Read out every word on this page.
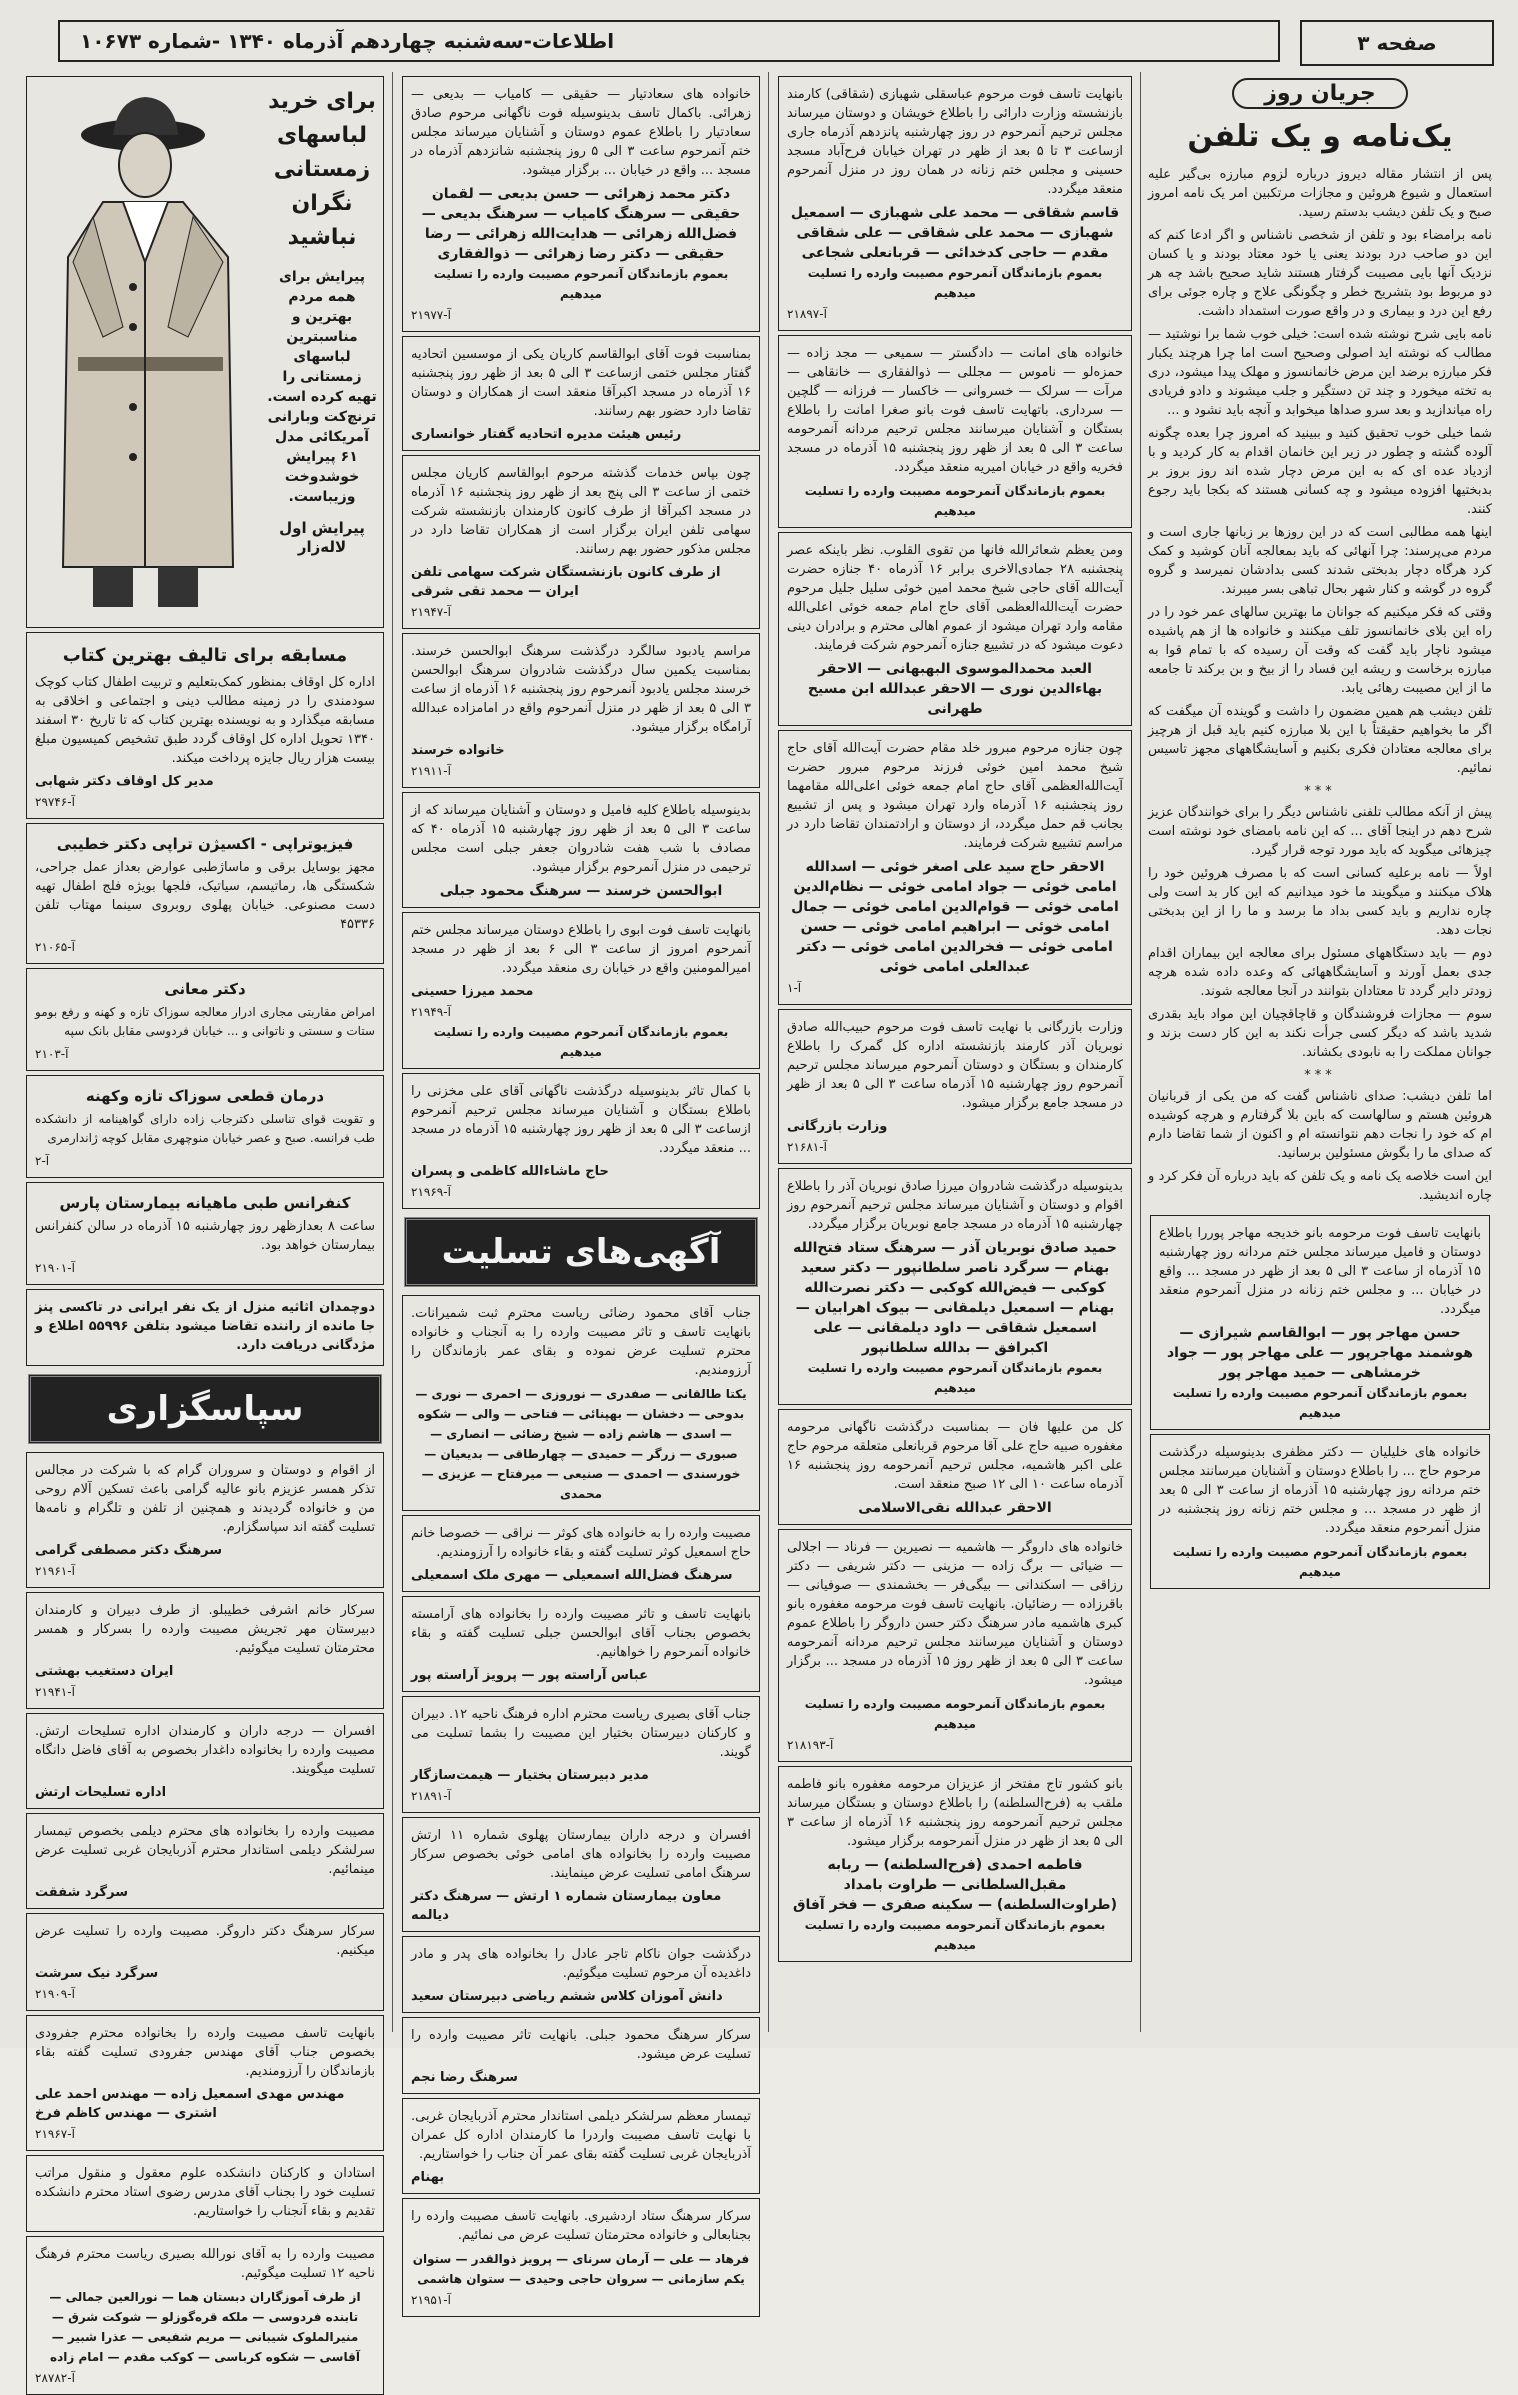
صفحه ۳
اطلاعات-سه‌شنبه چهاردهم آذرماه ۱۳۴۰ -شماره ۱۰۶۷۳
جریان روز
یک‌نامه و یک تلفن

پس از انتشار مقاله دیروز درباره لزوم مبارزه بی‌گیر علیه استعمال و شیوع هروئین و مجازات مرتکبین امر یک نامه امروز صبح و یک تلفن دیشب بدستم رسید.

نامه برامضاء بود و تلفن از شخصی ناشناس و اگر ادعا کنم که این دو صاحب درد بودند یعنی یا خود معتاد بودند و یا کسان نزدیک آنها بایی مصیبت گرفتار هستند شاید صحیح باشد چه هر دو مربوط بود بتشریح خطر و چگونگی علاج و چاره جوئی برای رفع این درد و بیماری و در واقع صورت استمداد داشت.

نامه بایی شرح نوشته شده است: خیلی خوب شما برا نوشتید — مطالب که نوشته اید اصولی وصحیح است اما چرا هرچند یکبار فکر مبارزه برضد این مرض خانمانسوز و مهلک پیدا میشود، دری به تخته میخورد و چند تن دستگیر و جلب میشوند و دادو فریادی راه میاندازید و بعد سرو صداها میخوابد و آنچه باید نشود و ...

شما خیلی خوب تحقیق کنید و ببینید که امروز چرا بعده چگونه آلوده گشته و چطور در زیر این خانمان اقدام به کار کردید و با ازدیاد عده ای که به این مرض دچار شده اند روز بروز بر بدبختیها افزوده میشود و چه کسانی هستند که بکجا باید رجوع کنند.

اینها همه مطالبی است که در این روزها بر زبانها جاری است و مردم می‌پرسند: چرا آنهائی که باید بمعالجه آنان کوشید و کمک کرد هرگاه دچار بدبختی شدند کسی بدادشان نمیرسد و گروه گروه در گوشه و کنار شهر بحال تباهی بسر میبرند.

وقتی که فکر میکنیم که جوانان ما بهترین سالهای عمر خود را در راه این بلای خانمانسوز تلف میکنند و خانواده ها از هم پاشیده میشود ناچار باید گفت که وقت آن رسیده که با تمام قوا به مبارزه برخاست و ریشه این فساد را از بیخ و بن برکند تا جامعه ما از این مصیبت رهائی یابد.

تلفن دیشب هم همین مضمون را داشت و گوینده آن میگفت که اگر ما بخواهیم حقیقتاً با این بلا مبارزه کنیم باید قبل از هرچیز برای معالجه معتادان فکری بکنیم و آسایشگاههای مجهز تاسیس نمائیم.

***

پیش از آنکه مطالب تلفنی ناشناس دیگر را برای خوانندگان عزیز شرح دهم در اینجا آقای ... که این نامه بامضای خود نوشته است چیزهائی میگوید که باید مورد توجه قرار گیرد.

اولاً — نامه برعلیه کسانی است که با مصرف هروئین خود را هلاک میکنند و میگویند ما خود میدانیم که این کار بد است ولی چاره نداریم و باید کسی بداد ما برسد و ما را از این بدبختی نجات دهد.

دوم — باید دستگاههای مسئول برای معالجه این بیماران اقدام جدی بعمل آورند و آسایشگاههائی که وعده داده شده هرچه زودتر دایر گردد تا معتادان بتوانند در آنجا معالجه شوند.

سوم — مجازات فروشندگان و قاچاقچیان این مواد باید بقدری شدید باشد که دیگر کسی جرأت نکند به این کار دست بزند و جوانان مملکت را به نابودی بکشاند.

***

اما تلفن دیشب: صدای ناشناس گفت که من یکی از قربانیان هروئین هستم و سالهاست که باین بلا گرفتارم و هرچه کوشیده ام که خود را نجات دهم نتوانسته ام و اکنون از شما تقاضا دارم که صدای ما را بگوش مسئولین برسانید.

این است خلاصه یک نامه و یک تلفن که باید درباره آن فکر کرد و چاره اندیشید.

بانهایت تاسف فوت مرحومه بانو خدیجه مهاجر پوررا باطلاع دوستان و فامیل میرساند مجلس ختم مردانه روز چهارشنبه ۱۵ آذرماه از ساعت ۳ الی ۵ بعد از ظهر در مسجد ... واقع در خیابان ... و مجلس ختم زنانه در منزل آنمرحوم منعقد میگردد.

حسن مهاجر پور — ابوالقاسم شیرازی — هوشمند مهاجرپور — علی مهاجر پور — جواد خرمشاهی — حمید مهاجر پور
بعموم بازماندگان آنمرحوم مصیبت وارده را تسلیت میدهیم

خانواده های خلیلیان — دکتر مظفری بدینوسیله درگذشت مرحوم حاج ... را باطلاع دوستان و آشنایان میرسانند مجلس ختم مردانه روز چهارشنبه ۱۵ آذرماه از ساعت ۳ الی ۵ بعد از ظهر در مسجد ... و مجلس ختم زنانه روز پنجشنبه در منزل آنمرحوم منعقد میگردد.

بعموم بازماندگان آنمرحوم مصیبت وارده را تسلیت میدهیم

بانهایت تاسف فوت مرحوم عباسقلی شهبازی (شقاقی) کارمند بازنشسته وزارت دارائی را باطلاع خویشان و دوستان میرساند مجلس ترحیم آنمرحوم در روز چهارشنبه پانزدهم آذرماه جاری ازساعت ۳ تا ۵ بعد از ظهر در تهران خیابان فرح‌آباد مسجد حسینی و مجلس ختم زنانه در همان روز در منزل آنمرحوم منعقد میگردد.

قاسم شقاقی — محمد علی شهبازی — اسمعیل شهبازی — محمد علی شقاقی — علی شقاقی مقدم — حاجی کدخدائی — قربانعلی شجاعی
بعموم بازماندگان آنمرحوم مصیبت وارده را تسلیت میدهیم
آ-۲۱۸۹۷

خانواده های امانت — دادگستر — سمیعی — مجد زاده — حمزه‌لو — ناموس — مجللی — ذوالفقاری — خانقاهی — مرآت — سرلک — خسروانی — خاکسار — فرزانه — گلچین — سرداری. باتهایت تاسف فوت بانو صغرا امانت را باطلاع بستگان و آشنایان میرسانند مجلس ترحیم مردانه آنمرحومه ساعت ۳ الی ۵ بعد از ظهر روز پنجشنبه ۱۵ آذرماه در مسجد فخریه واقع در خیابان امیریه منعقد میگردد.

بعموم بازماندگان آنمرحومه مصیبت وارده را تسلیت میدهیم

ومن یعظم شعائرالله فانها من تقوی القلوب. نظر باینکه عصر پنجشنبه ۲۸ جمادی‌الاخری برابر ۱۶ آذرماه ۴۰ جنازه حضرت آیت‌الله آقای حاجی شیخ محمد امین خوئی سلیل جلیل مرحوم حضرت آیت‌الله‌العظمی آقای حاج امام جمعه خوئی اعلی‌الله مقامه وارد تهران میشود از عموم اهالی محترم و برادران دینی دعوت میشود که در تشییع جنازه آنمرحوم شرکت فرمایند.

العبد محمدالموسوی البهبهانی — الاحقر بهاءالدین نوری — الاحقر عبدالله ابن مسیح طهرانی

چون جنازه مرحوم مبرور خلد مقام حضرت آیت‌الله آقای حاج شیخ محمد امین خوئی فرزند مرحوم مبرور حضرت آیت‌الله‌العظمی آقای حاج امام جمعه خوئی اعلی‌الله مقامهما روز پنجشنبه ۱۶ آذرماه وارد تهران میشود و پس از تشییع بجانب قم حمل میگردد، از دوستان و ارادتمندان تقاضا دارد در مراسم تشییع شرکت فرمایند.

الاحقر حاج سید علی اصغر خوئی — اسدالله امامی خوئی — جواد امامی خوئی — نظام‌الدین امامی خوئی — قوام‌الدین امامی خوئی — جمال امامی خوئی — ابراهیم امامی خوئی — حسن امامی خوئی — فخرالدین امامی خوئی — دکتر عبدالعلی امامی خوئی
آ-۱

وزارت بازرگانی با نهایت تاسف فوت مرحوم حبیب‌الله صادق نوبریان آذر کارمند بازنشسته اداره کل گمرک را باطلاع کارمندان و بستگان و دوستان آنمرحوم میرساند مجلس ترحیم آنمرحوم روز چهارشنبه ۱۵ آذرماه ساعت ۳ الی ۵ بعد از ظهر در مسجد جامع برگزار میشود.

وزارت بازرگانی
آ-۲۱۶۸۱

بدینوسیله درگذشت شادروان میرزا صادق نوبریان آذر را باطلاع اقوام و دوستان و آشنایان میرساند مجلس ترحیم آنمرحوم روز چهارشنبه ۱۵ آذرماه در مسجد جامع نوبریان برگزار میگردد.

حمید صادق نوبریان آذر — سرهنگ ستاد فتح‌الله بهنام — سرگرد ناصر سلطانپور — دکتر سعید کوکبی — فیض‌الله کوکبی — دکتر نصرت‌الله بهنام — اسمعیل دیلمقانی — بیوک اهرابیان — اسمعیل شقاقی — داود دیلمقانی — علی اکبرافق — بدالله سلطانپور
بعموم بازماندگان آنمرحوم مصیبت وارده را تسلیت میدهیم

کل من علیها فان — بمناسبت درگذشت ناگهانی مرحومه مغفوره صبیه حاج علی آقا مرحوم قربانعلی متعلقه مرحوم حاج علی اکبر هاشمیه، مجلس ترحیم آنمرحومه روز پنجشنبه ۱۶ آذرماه ساعت ۱۰ الی ۱۲ صبح منعقد است.

الاحقر عبدالله نقی‌الاسلامی

خانواده های داروگر — هاشمیه — نصیرین — فرناد — اجلالی — ضیائی — برگ زاده — مزینی — دکتر شریفی — دکتر رزاقی — اسکندانی — بیگی‌فر — بخشمندی — صوفیانی — باقرزاده — رضائیان. بانهایت تاسف فوت مرحومه مغفوره بانو کبری هاشمیه مادر سرهنگ دکتر حسن داروگر را باطلاع عموم دوستان و آشنایان میرسانند مجلس ترحیم مردانه آنمرحومه ساعت ۳ الی ۵ بعد از ظهر روز ۱۵ آذرماه در مسجد ... برگزار میشود.

بعموم بازماندگان آنمرحومه مصیبت وارده را تسلیت میدهیم
آ-۲۱۸۱۹۳

بانو کشور تاج مفتخر از عزیزان مرحومه مغفوره بانو فاطمه ملقب به (فرح‌السلطنه) را باطلاع دوستان و بستگان میرساند مجلس ترحیم آنمرحومه روز پنجشنبه ۱۶ آذرماه از ساعت ۳ الی ۵ بعد از ظهر در منزل آنمرحومه برگزار میشود.

فاطمه احمدی (فرح‌السلطنه) — ربابه مقبل‌السلطانی — طراوت بامداد (طراوت‌السلطنه) — سکینه صفری — فخر آفاق
بعموم بازماندگان آنمرحومه مصیبت وارده را تسلیت میدهیم

خانواده های سعادتیار — حقیقی — کامیاب — بدیعی — زهرائی. باکمال تاسف بدینوسیله فوت ناگهانی مرحوم صادق سعادتیار را باطلاع عموم دوستان و آشنایان میرساند مجلس ختم آنمرحوم ساعت ۳ الی ۵ روز پنجشنبه شانزدهم آذرماه در مسجد ... واقع در خیابان ... برگزار میشود.

دکتر محمد زهرائی — حسن بدیعی — لقمان حقیقی — سرهنگ کامیاب — سرهنگ بدیعی — فضل‌الله زهرائی — هدایت‌الله زهرائی — رضا حقیقی — دکتر رضا زهرائی — ذوالفقاری
بعموم بازماندگان آنمرحوم مصیبت وارده را تسلیت میدهیم
آ-۲۱۹۷۷

بمناسبت فوت آقای ابوالقاسم کاریان یکی از موسسین اتحادیه گفتار مجلس ختمی ازساعت ۳ الی ۵ بعد از ظهر روز پنجشنبه ۱۶ آذرماه در مسجد اکبرآقا منعقد است از همکاران و دوستان تقاضا دارد حضور بهم رسانند.

رئیس هیئت مدیره اتحادیه گفتار خوانساری

چون بپاس خدمات گذشته مرحوم ابوالقاسم کاریان مجلس ختمی از ساعت ۳ الی پنج بعد از ظهر روز پنجشنبه ۱۶ آذرماه در مسجد اکبرآقا از طرف کانون کارمندان بازنشسته شرکت سهامی تلفن ایران برگزار است از همکاران تقاضا دارد در مجلس مذکور حضور بهم رسانند.

از طرف کانون بازنشستگان شرکت سهامی تلفن ایران — محمد تقی شرقی
آ-۲۱۹۴۷

مراسم یادبود سالگرد درگذشت سرهنگ ابوالحسن خرسند. بمناسبت یکمین سال درگذشت شادروان سرهنگ ابوالحسن خرسند مجلس یادبود آنمرحوم روز پنجشنبه ۱۶ آذرماه از ساعت ۳ الی ۵ بعد از ظهر در منزل آنمرحوم واقع در امامزاده عبدالله آرامگاه برگزار میشود.

خانواده خرسند
آ-۲۱۹۱۱

بدینوسیله باطلاع کلیه فامیل و دوستان و آشنایان میرساند که از ساعت ۳ الی ۵ بعد از ظهر روز چهارشنبه ۱۵ آذرماه ۴۰ که مصادف با شب هفت شادروان جعفر جبلی است مجلس ترحیمی در منزل آنمرحوم برگزار میشود.

ابوالحسن خرسند — سرهنگ محمود جبلی

بانهایت تاسف فوت ابوی را باطلاع دوستان میرساند مجلس ختم آنمرحوم امروز از ساعت ۳ الی ۶ بعد از ظهر در مسجد امیرالمومنین واقع در خیابان ری منعقد میگردد.

محمد میرزا حسینی
آ-۲۱۹۴۹
بعموم بازماندگان آنمرحوم مصیبت وارده را تسلیت میدهیم

با کمال تاثر بدینوسیله درگذشت ناگهانی آقای علی مخزنی را باطلاع بستگان و آشنایان میرساند مجلس ترحیم آنمرحوم ازساعت ۳ الی ۵ بعد از ظهر روز چهارشنبه ۱۵ آذرماه در مسجد ... منعقد میگردد.

حاج ماشاءالله کاظمی و پسران
آ-۲۱۹۶۹
آگهی‌های تسلیت

جناب آقای محمود رضائی ریاست محترم ثبت شمیرانات. بانهایت تاسف و تاثر مصیبت وارده را به آنجناب و خانواده محترم تسلیت عرض نموده و بقای عمر بازماندگان را آرزومندیم.

یکتا طالقانی — صفدری — نوروزی — احمری — نوری — بدوحی — دخشان — بهپنائی — فتاحی — والی — شکوه — اسدی — هاشم زاده — شیخ رضائی — انصاری — صبوری — زرگر — حمیدی — چهارطاقی — بدیعیان — خورسندی — احمدی — صنیعی — میرفتاح — عزیزی — محمدی

مصیبت وارده را به خانواده های کوثر — نراقی — خصوصا خانم حاج اسمعیل کوثر تسلیت گفته و بقاء خانواده را آرزومندیم.

سرهنگ فضل‌الله اسمعیلی — مهری ملک اسمعیلی

بانهایت تاسف و تاثر مصیبت وارده را بخانواده های آرامسته بخصوص بجناب آقای ابوالحسن جبلی تسلیت گفته و بقاء خانواده آنمرحوم را خواهانیم.

عباس آراسته پور — پرویز آراسته پور

جناب آقای بصیری ریاست محترم اداره فرهنگ ناحیه ۱۲. دبیران و کارکنان دبیرستان بختیار این مصیبت را بشما تسلیت می گویند.

مدیر دبیرستان بختیار — هیمت‌سازگار
آ-۲۱۸۹۱

افسران و درجه داران بیمارستان پهلوی شماره ۱۱ ارتش مصیبت وارده را بخانواده های امامی خوئی بخصوص سرکار سرهنگ امامی تسلیت عرض مینمایند.

معاون بیمارستان شماره ۱ ارتش — سرهنگ دکتر دیالمه

درگذشت جوان ناکام تاجر عادل را بخانواده های پدر و مادر داغدیده آن مرحوم تسلیت میگوئیم.

دانش آموزان کلاس ششم ریاضی دبیرستان سعید

سرکار سرهنگ محمود جبلی. بانهایت تاثر مصیبت وارده را تسلیت عرض میشود.

سرهنگ رضا نجم

تیمسار معظم سرلشکر دیلمی استاندار محترم آذربایجان غربی. با نهایت تاسف مصیبت واردرا ما کارمندان اداره کل عمران آذربایجان غربی تسلیت گفته بقای عمر آن جناب را خواستاریم.

بهنام

سرکار سرهنگ ستاد اردشیری. بانهایت تاسف مصیبت وارده را بجنابعالی و خانواده محترمتان تسلیت عرض می نمائیم.

فرهاد — علی — آرمان سرنای — پرویز ذوالقدر — ستوان یکم سازمانی — سروان حاجی وحیدی — ستوان هاشمی
آ-۲۱۹۵۱
برای خرید
لباسهای
زمستانی
نگران
نباشید
پیرایش برای همه مردم بهترین و مناسبترین لباسهای زمستانی را تهیه کرده است. ترنچ‌کت وبارانی آمریکائی مدل ۶۱ پیرایش خوشدوخت وزیباست.
پیرایش اول لاله‌زار
مسابقه برای تالیف بهترین کتاب

اداره کل اوقاف بمنظور کمک‌بتعلیم و تربیت اطفال کتاب کوچک سودمندی را در زمینه مطالب دینی و اجتماعی و اخلاقی به مسابقه میگذارد و به نویسنده بهترین کتاب که تا تاریخ ۳۰ اسفند ۱۳۴۰ تحویل اداره کل اوقاف گردد طبق تشخیص کمیسیون مبلغ بیست هزار ریال جایزه پرداخت میکند.

مدیر کل اوقاف دکتر شهابی
آ-۲۹۷۴۶
فیزیوتراپی - اکسیژن تراپی دکتر خطیبی

مجهز بوسایل برقی و ماساژطبی عوارض بعداز عمل جراحی، شکستگی ها، رماتیسم، سیاتیک، فلجها بویژه فلج اطفال تهیه دست مصنوعی. خیابان پهلوی روبروی سینما مهتاب تلفن ۴۵۳۳۶

آ-۲۱۰۶۵
دکتر معانی

امراض مقاربتی مجاری ادرار معالجه سوزاک تازه و کهنه و رفع بومو ستات و سستی و ناتوانی و ... خیابان فردوسی مقابل بانک سپه

آ-۲۱۰۳
درمان قطعی سوزاک تازه وکهنه

و تقویت قوای تناسلی دکترجاب زاده دارای گواهینامه از دانشکده طب فرانسه. صبح و عصر خیابان منوچهری مقابل کوچه ژاندارمری

آ-۲
کنفرانس طبی ماهیانه بیمارستان پارس

ساعت ۸ بعدازظهر روز چهارشنبه ۱۵ آذرماه در سالن کنفرانس بیمارستان خواهد بود.

آ-۲۱۹۰۱

دوچمدان اثاثیه منزل از یک نفر ایرانی در تاکسی پنز جا مانده از راننده تقاضا میشود بتلفن ۵۵۹۹۶ اطلاع و مژدگانی دریافت دارد.

سپاسگزاری

از اقوام و دوستان و سروران گرام که با شرکت در مجالس تذکر همسر عزیزم بانو عالیه گرامی باعث تسکین آلام روحی من و خانواده گردیدند و همچنین از تلفن و تلگرام و نامه‌ها تسلیت گفته اند سپاسگزارم.

سرهنگ دکتر مصطفی گرامی
آ-۲۱۹۶۱

سرکار خانم اشرفی خطیبلو. از طرف دبیران و کارمندان دبیرستان مهر تجریش مصیبت وارده را بسرکار و همسر محترمتان تسلیت میگوئیم.

ایران دستغیب بهشتی
آ-۲۱۹۴۱

افسران — درجه داران و کارمندان اداره تسلیحات ارتش. مصیبت وارده را بخانواده داغدار بخصوص به آقای فاضل دانگاه تسلیت میگویند.

اداره تسلیحات ارتش

مصیبت وارده را بخانواده های محترم دیلمی بخصوص تیمسار سرلشکر دیلمی استاندار محترم آذربایجان غربی تسلیت عرض مینمائیم.

سرگرد شفقت

سرکار سرهنگ دکتر داروگر. مصیبت وارده را تسلیت عرض میکنیم.

سرگرد نیک سرشت
آ-۲۱۹۰۹

بانهایت تاسف مصیبت وارده را بخانواده محترم جفرودی بخصوص جناب آقای مهندس جفرودی تسلیت گفته بقاء بازماندگان را آرزومندیم.

مهندس مهدی اسمعیل زاده — مهندس احمد علی اشتری — مهندس کاظم فرخ
آ-۲۱۹۶۷

استادان و کارکنان دانشکده علوم معقول و منقول مراتب تسلیت خود را بجناب آقای مدرس رضوی استاد محترم دانشکده تقدیم و بقاء آنجناب را خواستاریم.

مصیبت وارده را به آقای نورالله بصیری ریاست محترم فرهنگ ناحیه ۱۲ تسلیت میگوئیم.

از طرف آموزگاران دبستان هما — نورالعین جمالی — تابنده فردوسی — ملکه قره‌گوزلو — شوکت شرق — منیرالملوک شیبانی — مریم شفیعی — عذرا شبیر — آقاسی — شکوه کرباسی — کوکب مقدم — امام زاده
آ-۲۸۷۸۲
